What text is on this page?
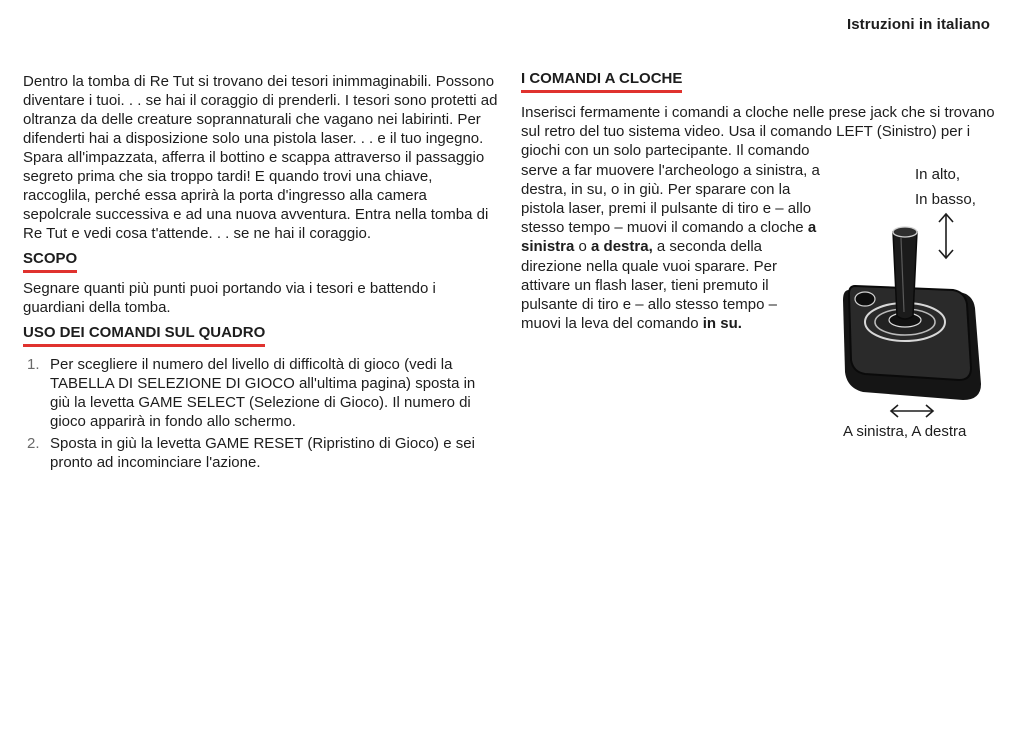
Istruzioni in italiano

Dentro la tomba di Re Tut si trovano dei tesori inimmaginabili. Possono diventare i tuoi. . . se hai il coraggio di prenderli. I tesori sono protetti ad oltranza da delle creature soprannaturali che vagano nei labirinti. Per difenderti hai a disposizione solo una pistola laser. . . e il tuo ingegno. Spara all'impazzata, afferra il bottino e scappa attraverso il passaggio segreto prima che sia troppo tardi! E quando trovi una chiave, raccoglila, perché essa aprirà la porta d'ingresso alla camera sepolcrale successiva e ad una nuova avventura. Entra nella tomba di Re Tut e vedi cosa t'attende. . . se ne hai il coraggio.

SCOPO

Segnare quanti più punti puoi portando via i tesori e battendo i guardiani della tomba.

USO DEI COMANDI SUL QUADRO
1. Per scegliere il numero del livello di difficoltà di gioco (vedi la TABELLA DI SELEZIONE DI GIOCO all'ultima pagina) sposta in giù la levetta GAME SELECT (Selezione di Gioco). Il numero di gioco apparirà in fondo allo schermo.
2. Sposta in giù la levetta GAME RESET (Ripristino di Gioco) e sei pronto ad incominciare l'azione.
I COMANDI A CLOCHE

Inserisci fermamente i comandi a cloche nelle prese jack che si trovano sul retro del tuo sistema video. Usa il comando LEFT (Sinistro) per i giochi con un solo partecipante. Il comando

serve a far muovere l'archeologo a sinistra, a destra, in su, o in giù. Per sparare con la pistola laser, premi il pulsante di tiro e – allo stesso tempo – muovi il comando a cloche a sinistra o a destra, a seconda della direzione nella quale vuoi sparare. Per attivare un flash laser, tieni premuto il pulsante di tiro e – allo stesso tempo – muovi la leva del comando in su.

In alto,
In basso,
A sinistra, A destra
